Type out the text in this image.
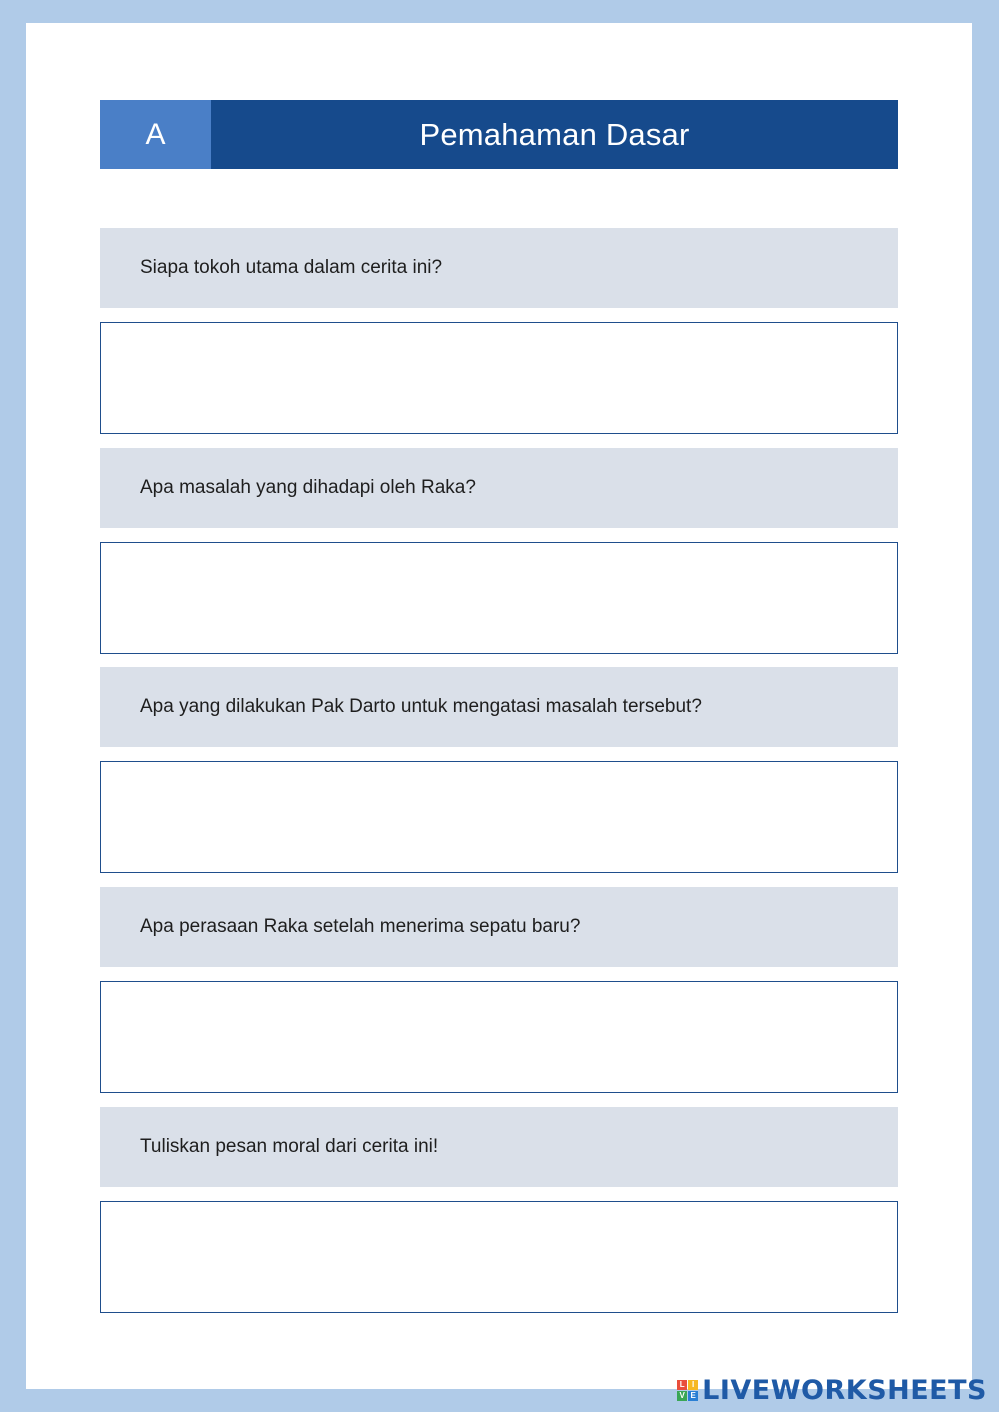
A	Pemahaman Dasar
Siapa tokoh utama dalam cerita ini?
Apa masalah yang dihadapi oleh Raka?
Apa yang dilakukan Pak Darto untuk mengatasi masalah tersebut?
Apa perasaan Raka setelah menerima sepatu baru?
Tuliskan pesan moral dari cerita ini!
L I
V E LIVEWORKSHEETS
